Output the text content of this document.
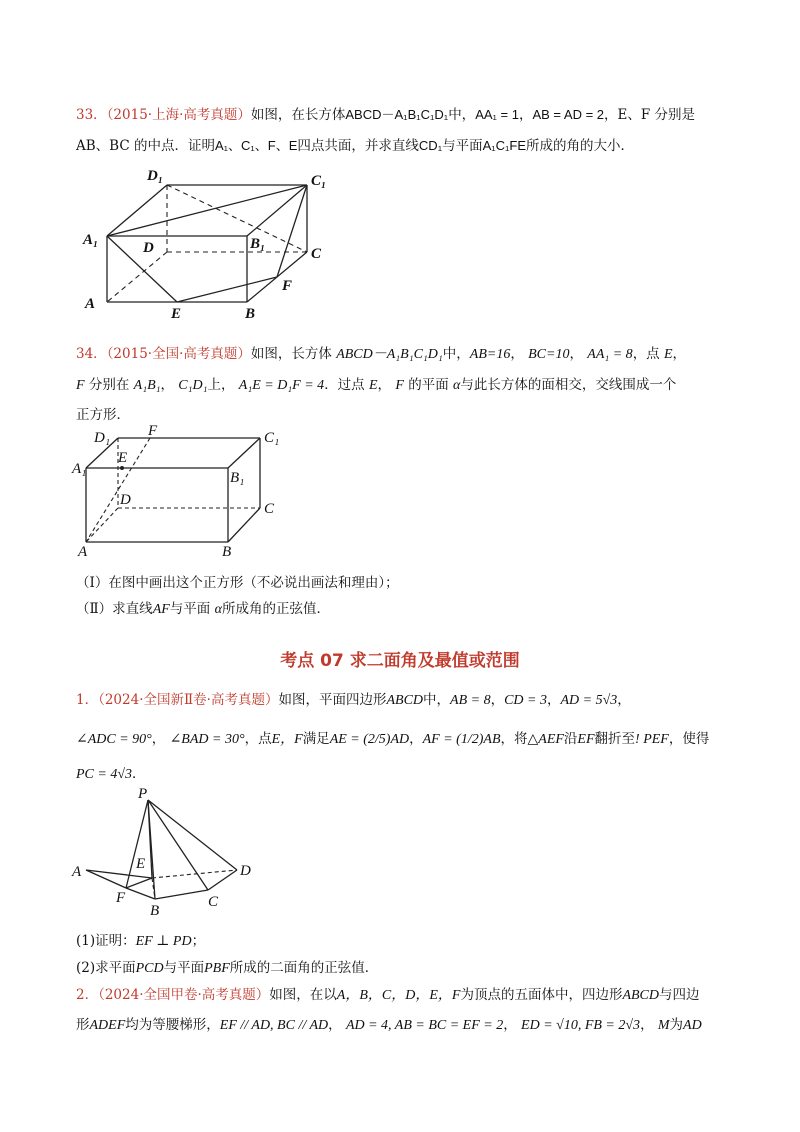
33．（2015·上海·高考真题）如图，在长方体ABCD－A₁B₁C₁D₁中，AA₁ = 1，AB = AD = 2，E、F 分别是
AB、BC 的中点．证明A₁、C₁、F、E四点共面，并求直线CD₁与平面A₁C₁FE所成的角的大小．
D₁	C₁
A₁	D	B₁
C
F
A
E	B
34．（2015·全国·高考真题）如图，长方体 ABCD－A₁B₁C₁D₁中，AB=16， BC=10， AA₁ = 8，点 E，
F 分别在 A₁B₁， C₁D₁上， A₁E = D₁F = 4．过点 E， F 的平面 α与此长方体的面相交，交线围成一个
正方形．
D₁	F	C₁
E
A₁
B₁
D
C
A	B
（Ⅰ）在图中画出这个正方形（不必说出画法和理由）；
（Ⅱ）求直线AF与平面 α所成角的正弦值．
考点 07 求二面角及最值或范围
1．（2024·全国新Ⅱ卷·高考真题）如图，平面四边形ABCD中，AB = 8，CD = 3，AD = 5√3，
∠ADC = 90°， ∠BAD = 30°，点E，F满足AE = (2/5)AD，AF = (1/2)AB，将△AEF沿EF翻折至! PEF，使得
PC = 4√3．
P
E
A	D
F	C
B
(1)证明：EF ⊥ PD；
(2)求平面PCD与平面PBF所成的二面角的正弦值．
2．（2024·全国甲卷·高考真题）如图，在以A，B，C，D，E，F为顶点的五面体中，四边形ABCD与四边
形ADEF均为等腰梯形，EF // AD, BC // AD， AD = 4, AB = BC = EF = 2， ED = √10, FB = 2√3， M为AD
